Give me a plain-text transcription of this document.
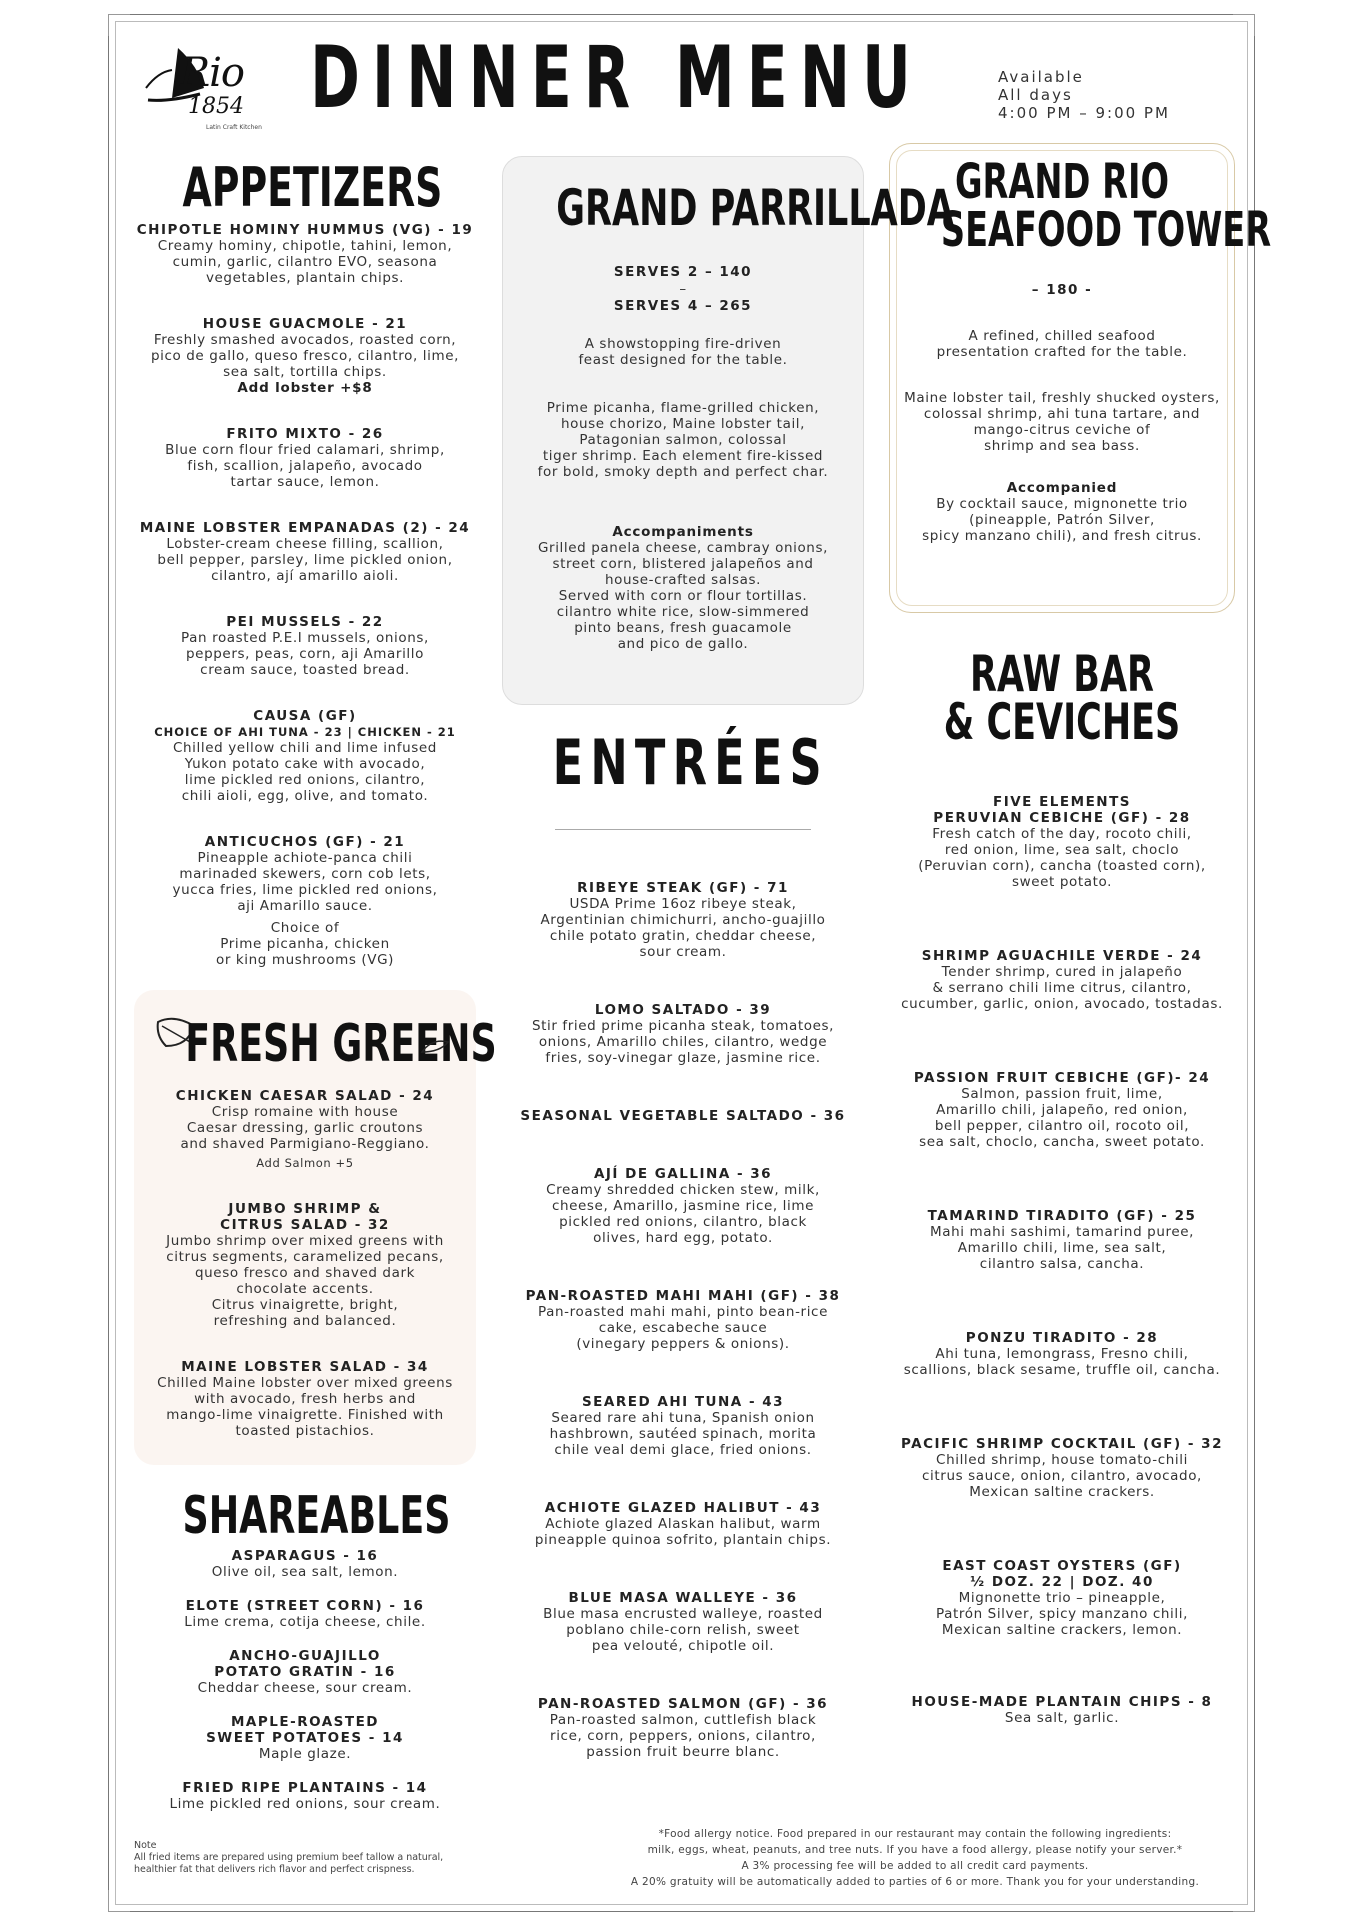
Rio
1854
Latin Craft Kitchen DINNER MENU	Available
All days
4:00 PM – 9:00 PM
APPETIZERS
CHIPOTLE HOMINY HUMMUS (VG) - 19
Creamy hominy, chipotle, tahini, lemon,
cumin, garlic, cilantro EVO, seasona
vegetables, plantain chips.
HOUSE GUACMOLE - 21
Freshly smashed avocados, roasted corn,
pico de gallo, queso fresco, cilantro, lime,
sea salt, tortilla chips.
Add lobster +$8
FRITO MIXTO - 26
Blue corn flour fried calamari, shrimp,
fish, scallion, jalapeño, avocado
tartar sauce, lemon.
MAINE LOBSTER EMPANADAS (2) - 24
Lobster-cream cheese filling, scallion,
bell pepper, parsley, lime pickled onion,
cilantro, ají amarillo aioli.
PEI MUSSELS - 22
Pan roasted P.E.I mussels, onions,
peppers, peas, corn, aji Amarillo
cream sauce, toasted bread.
CAUSA (GF)
CHOICE OF AHI TUNA - 23 | CHICKEN - 21
Chilled yellow chili and lime infused
Yukon potato cake with avocado,
lime pickled red onions, cilantro,
chili aioli, egg, olive, and tomato.
ANTICUCHOS (GF) - 21
Pineapple achiote-panca chili
marinaded skewers, corn cob lets,
yucca fries, lime pickled red onions,
aji Amarillo sauce.
Choice of
Prime picanha, chicken
or king mushrooms (VG)
FRESH GREENS
CHICKEN CAESAR SALAD - 24
Crisp romaine with house
Caesar dressing, garlic croutons
and shaved Parmigiano-Reggiano.
Add Salmon +5
JUMBO SHRIMP &
CITRUS SALAD - 32
Jumbo shrimp over mixed greens with
citrus segments, caramelized pecans,
queso fresco and shaved dark
chocolate accents.
Citrus vinaigrette, bright,
refreshing and balanced.
MAINE LOBSTER SALAD - 34
Chilled Maine lobster over mixed greens
with avocado, fresh herbs and
mango-lime vinaigrette. Finished with
toasted pistachios.
SHAREABLES
ASPARAGUS - 16
Olive oil, sea salt, lemon.
ELOTE (STREET CORN) - 16
Lime crema, cotija cheese, chile.
ANCHO-GUAJILLO
POTATO GRATIN - 16
Cheddar cheese, sour cream.
MAPLE-ROASTED
SWEET POTATOES - 14
Maple glaze.
FRIED RIPE PLANTAINS - 14
Lime pickled red onions, sour cream.
GRAND PARRILLADA
SERVES 2 – 140
–
SERVES 4 – 265
A showstopping fire-driven
feast designed for the table.
Prime picanha, flame-grilled chicken,
house chorizo, Maine lobster tail,
Patagonian salmon, colossal
tiger shrimp. Each element fire-kissed
for bold, smoky depth and perfect char.
Accompaniments
Grilled panela cheese, cambray onions,
street corn, blistered jalapeños and
house-crafted salsas.
Served with corn or flour tortillas.
cilantro white rice, slow-simmered
pinto beans, fresh guacamole
and pico de gallo.
ENTRÉES
RIBEYE STEAK (GF) - 71
USDA Prime 16oz ribeye steak,
Argentinian chimichurri, ancho-guajillo
chile potato gratin, cheddar cheese,
sour cream.
LOMO SALTADO - 39
Stir fried prime picanha steak, tomatoes,
onions, Amarillo chiles, cilantro, wedge
fries, soy-vinegar glaze, jasmine rice.
SEASONAL VEGETABLE SALTADO - 36
AJÍ DE GALLINA - 36
Creamy shredded chicken stew, milk,
cheese, Amarillo, jasmine rice, lime
pickled red onions, cilantro, black
olives, hard egg, potato.
PAN-ROASTED MAHI MAHI (GF) - 38
Pan-roasted mahi mahi, pinto bean-rice
cake, escabeche sauce
(vinegary peppers & onions).
SEARED AHI TUNA - 43
Seared rare ahi tuna, Spanish onion
hashbrown, sautéed spinach, morita
chile veal demi glace, fried onions.
ACHIOTE GLAZED HALIBUT - 43
Achiote glazed Alaskan halibut, warm
pineapple quinoa sofrito, plantain chips.
BLUE MASA WALLEYE - 36
Blue masa encrusted walleye, roasted
poblano chile-corn relish, sweet
pea velouté, chipotle oil.
PAN-ROASTED SALMON (GF) - 36
Pan-roasted salmon, cuttlefish black
rice, corn, peppers, onions, cilantro,
passion fruit beurre blanc.
GRAND RIO
SEAFOOD TOWER
– 180 -
A refined, chilled seafood
presentation crafted for the table.
Maine lobster tail, freshly shucked oysters,
colossal shrimp, ahi tuna tartare, and
mango-citrus ceviche of
shrimp and sea bass.
Accompanied
By cocktail sauce, mignonette trio
(pineapple, Patrón Silver,
spicy manzano chili), and fresh citrus.
RAW BAR
& CEVICHES
FIVE ELEMENTS
PERUVIAN CEBICHE (GF) - 28
Fresh catch of the day, rocoto chili,
red onion, lime, sea salt, choclo
(Peruvian corn), cancha (toasted corn),
sweet potato.
SHRIMP AGUACHILE VERDE - 24
Tender shrimp, cured in jalapeño
& serrano chili lime citrus, cilantro,
cucumber, garlic, onion, avocado, tostadas.
PASSION FRUIT CEBICHE (GF)- 24
Salmon, passion fruit, lime,
Amarillo chili, jalapeño, red onion,
bell pepper, cilantro oil, rocoto oil,
sea salt, choclo, cancha, sweet potato.
TAMARIND TIRADITO (GF) - 25
Mahi mahi sashimi, tamarind puree,
Amarillo chili, lime, sea salt,
cilantro salsa, cancha.
PONZU TIRADITO - 28
Ahi tuna, lemongrass, Fresno chili,
scallions, black sesame, truffle oil, cancha.
PACIFIC SHRIMP COCKTAIL (GF) - 32
Chilled shrimp, house tomato-chili
citrus sauce, onion, cilantro, avocado,
Mexican saltine crackers.
EAST COAST OYSTERS (GF)
½ DOZ. 22 | DOZ. 40
Mignonette trio – pineapple,
Patrón Silver, spicy manzano chili,
Mexican saltine crackers, lemon.
HOUSE-MADE PLANTAIN CHIPS - 8
Sea salt, garlic.
Note
All fried items are prepared using premium beef tallow a natural,
healthier fat that delivers rich flavor and perfect crispness.
*Food allergy notice. Food prepared in our restaurant may contain the following ingredients:
milk, eggs, wheat, peanuts, and tree nuts. If you have a food allergy, please notify your server.*
A 3% processing fee will be added to all credit card payments.
A 20% gratuity will be automatically added to parties of 6 or more. Thank you for your understanding.
